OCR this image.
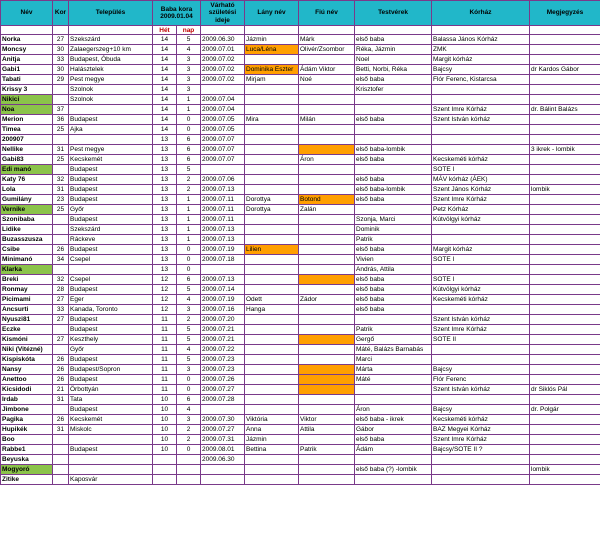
Név	Kor	Település	Baba kora 2009.01.04		Várható születési ideje	Lány név	Fiú név	Testvérek	Kórház	Megjegyzés
			Hét	nap						
Norka	27	Szekszárd	14	5	2009.06.30	Jázmin	Márk	első baba	Balassa János Kórház	
Moncsy	30	Zalaegerszeg+10 km	14	4	2009.07.01	Luca/Léna	Olivér/Zsombor	Réka, Jázmin	ZMK	
Anitja	33	Budapest, Óbuda	14	3	2009.07.02			Noel	Margit kórház	
Gabi1	30	Halásztelek	14	3	2009.07.02	Dominika Eszter	Ádám Viktor	Betti, Norbi, Réka	Bajcsy	dr Kardos Gábor
Tabati	29	Pest megye	14	3	2009.07.02	Mirjam	Noé	első baba	Flór Ferenc, Kistarcsa	
Krissy 3		Szolnok	14	3				Krisztofer		
Nikici		Szolnok	14	1	2009.07.04					
Noa	37		14	1	2009.07.04				Szent Imre Kórház	dr. Bálint Balázs
Merion	36	Budapest	14	0	2009.07.05	Mira	Milán	első baba	Szent István kórház	
Timea	25	Ajka	14	0	2009.07.05					
200907			13	6	2009.07.07					
Nellike	31	Pest megye	13	6	2009.07.07			első baba-lombik		3 ikrek - lombik
Gabi83	25	Kecskemét	13	6	2009.07.07		Áron	első baba	Kecskeméti kórház	
Edi manó		Budapest	13	5					SOTE I	
Katy 76	32	Budapest	13	2	2009.07.06			első baba	MÁV kórház (ÁEK)	
Lola	31	Budapest	13	2	2009.07.13			első baba-lombik	Szent János Kórház	lombik
Gumilány	23	Budapest	13	1	2009.07.11	Dorottya	Botond	első baba	Szent Imre Kórház	
Vernike	25	Győr	13	1	2009.07.11	Dorottya	Zalán		Petz Kórház	
Szonibaba		Budapest	13	1	2009.07.11			Szonja, Marci	Kútvölgyi kórház	
Lidike		Szekszárd	13	1	2009.07.13			Dominik		
Buzasszusza		Ráckeve	13	1	2009.07.13			Patrik		
Csibe	26	Budapest	13	0	2009.07.19	Lilien		első baba	Margit kórház	
Minimanó	34	Csepel	13	0	2009.07.18			Vivien	SOTE I	
Klarka			13	0				András, Attila		
Breki	32	Csepel	12	6	2009.07.13			első baba	SOTE I	
Ronmay	28	Budapest	12	5	2009.07.14			első baba	Kútvölgyi kórház	
Picimami	27	Eger	12	4	2009.07.19	Odett	Zádor	első baba	Kecskeméti kórház	
Ancsurti	33	Kanada, Toronto	12	3	2009.07.16	Hanga		első baba		
Nyuszi81	27	Budapest	11	2	2009.07.20				Szent István kórház	
Eczke		Budapest	11	5	2009.07.21			Patrik	Szent Imre Kórház	
Kismóni	27	Keszthely	11	5	2009.07.21			Gergő	SOTE II	
Niki (Vitézné)		Győr	11	4	2009.07.22			Máté, Balázs Barnabás		
Kispiskóta	26	Budapest	11	5	2009.07.23			Marci		
Nansy	26	Budapest/Sopron	11	3	2009.07.23			Márta	Bajcsy	
Anettoo	26	Budapest	11	0	2009.07.26			Máté	Flór Ferenc	
Kicsidodi	21	Örbottyán	11	0	2009.07.27				Szent István kórház	dr Siklós Pál
Irdab	31	Tata	10	6	2009.07.28					
Jimbone		Budapest	10	4				Áron	Bajcsy	dr. Polgár
Pagika	26	Kecskemét	10	3	2009.07.30	Viktória	Viktor	első baba - ikrek	Kecskeméti kórház	
Hupikék	31	Miskolc	10	2	2009.07.27	Anna	Attila	Gábor	BAZ Megyei Kórház	
Boo			10	2	2009.07.31	Jázmin		első baba	Szent Imre Kórház	
Rabbe1		Budapest	10	0	2009.08.01	Bettina	Patrik	Ádám	Bajcsy/SOTE II ?	
Beyuska					2009.06.30					
Mogyoró								első baba (?) -lombik		lombik
Zitike		Kaposvár								
